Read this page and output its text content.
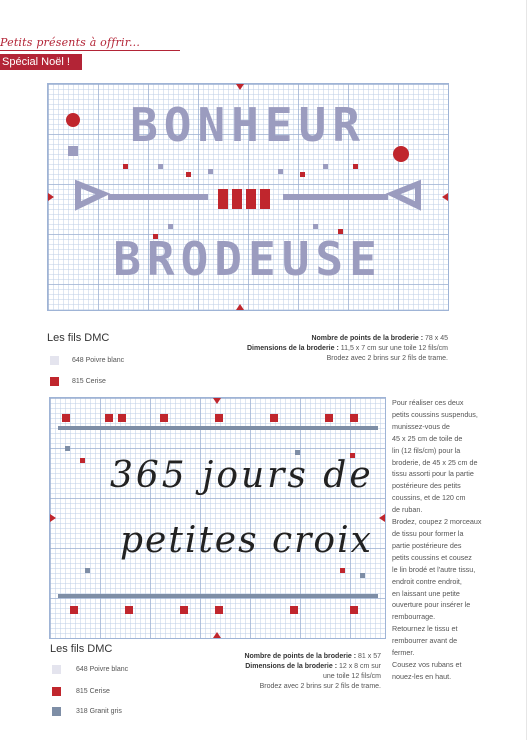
Petits présents à offrir...
Spécial Noël !
BONHEUR
BRODEUSE
Les fils DMC
648 Poivre blanc
815 Cerise
Nombre de points de la broderie : 78 x 45
Dimensions de la broderie : 11,5 x 7 cm sur une toile 12 fils/cm
Brodez avec 2 brins sur 2 fils de trame.
365 jours de
petites croix
Les fils DMC
648 Poivre blanc
815 Cerise
318 Granit gris
Nombre de points de la broderie : 81 x 57
Dimensions de la broderie : 12 x 8 cm sur
une toile 12 fils/cm
Brodez avec 2 brins sur 2 fils de trame.

Pour réaliser ces deux

petits coussins suspendus,

munissez-vous de

45 x 25 cm de toile de

lin (12 fils/cm) pour la

broderie, de 45 x 25 cm de

tissu assorti pour la partie

postérieure des petits

coussins, et de 120 cm

de ruban.

Brodez, coupez 2 morceaux

de tissu pour former la

partie postérieure des

petits coussins et cousez

le lin brodé et l'autre tissu,

endroit contre endroit,

en laissant une petite

ouverture pour insérer le

rembourrage.

Retournez le tissu et

rembourrer avant de

fermer.

Cousez vos rubans et

nouez-les en haut.
